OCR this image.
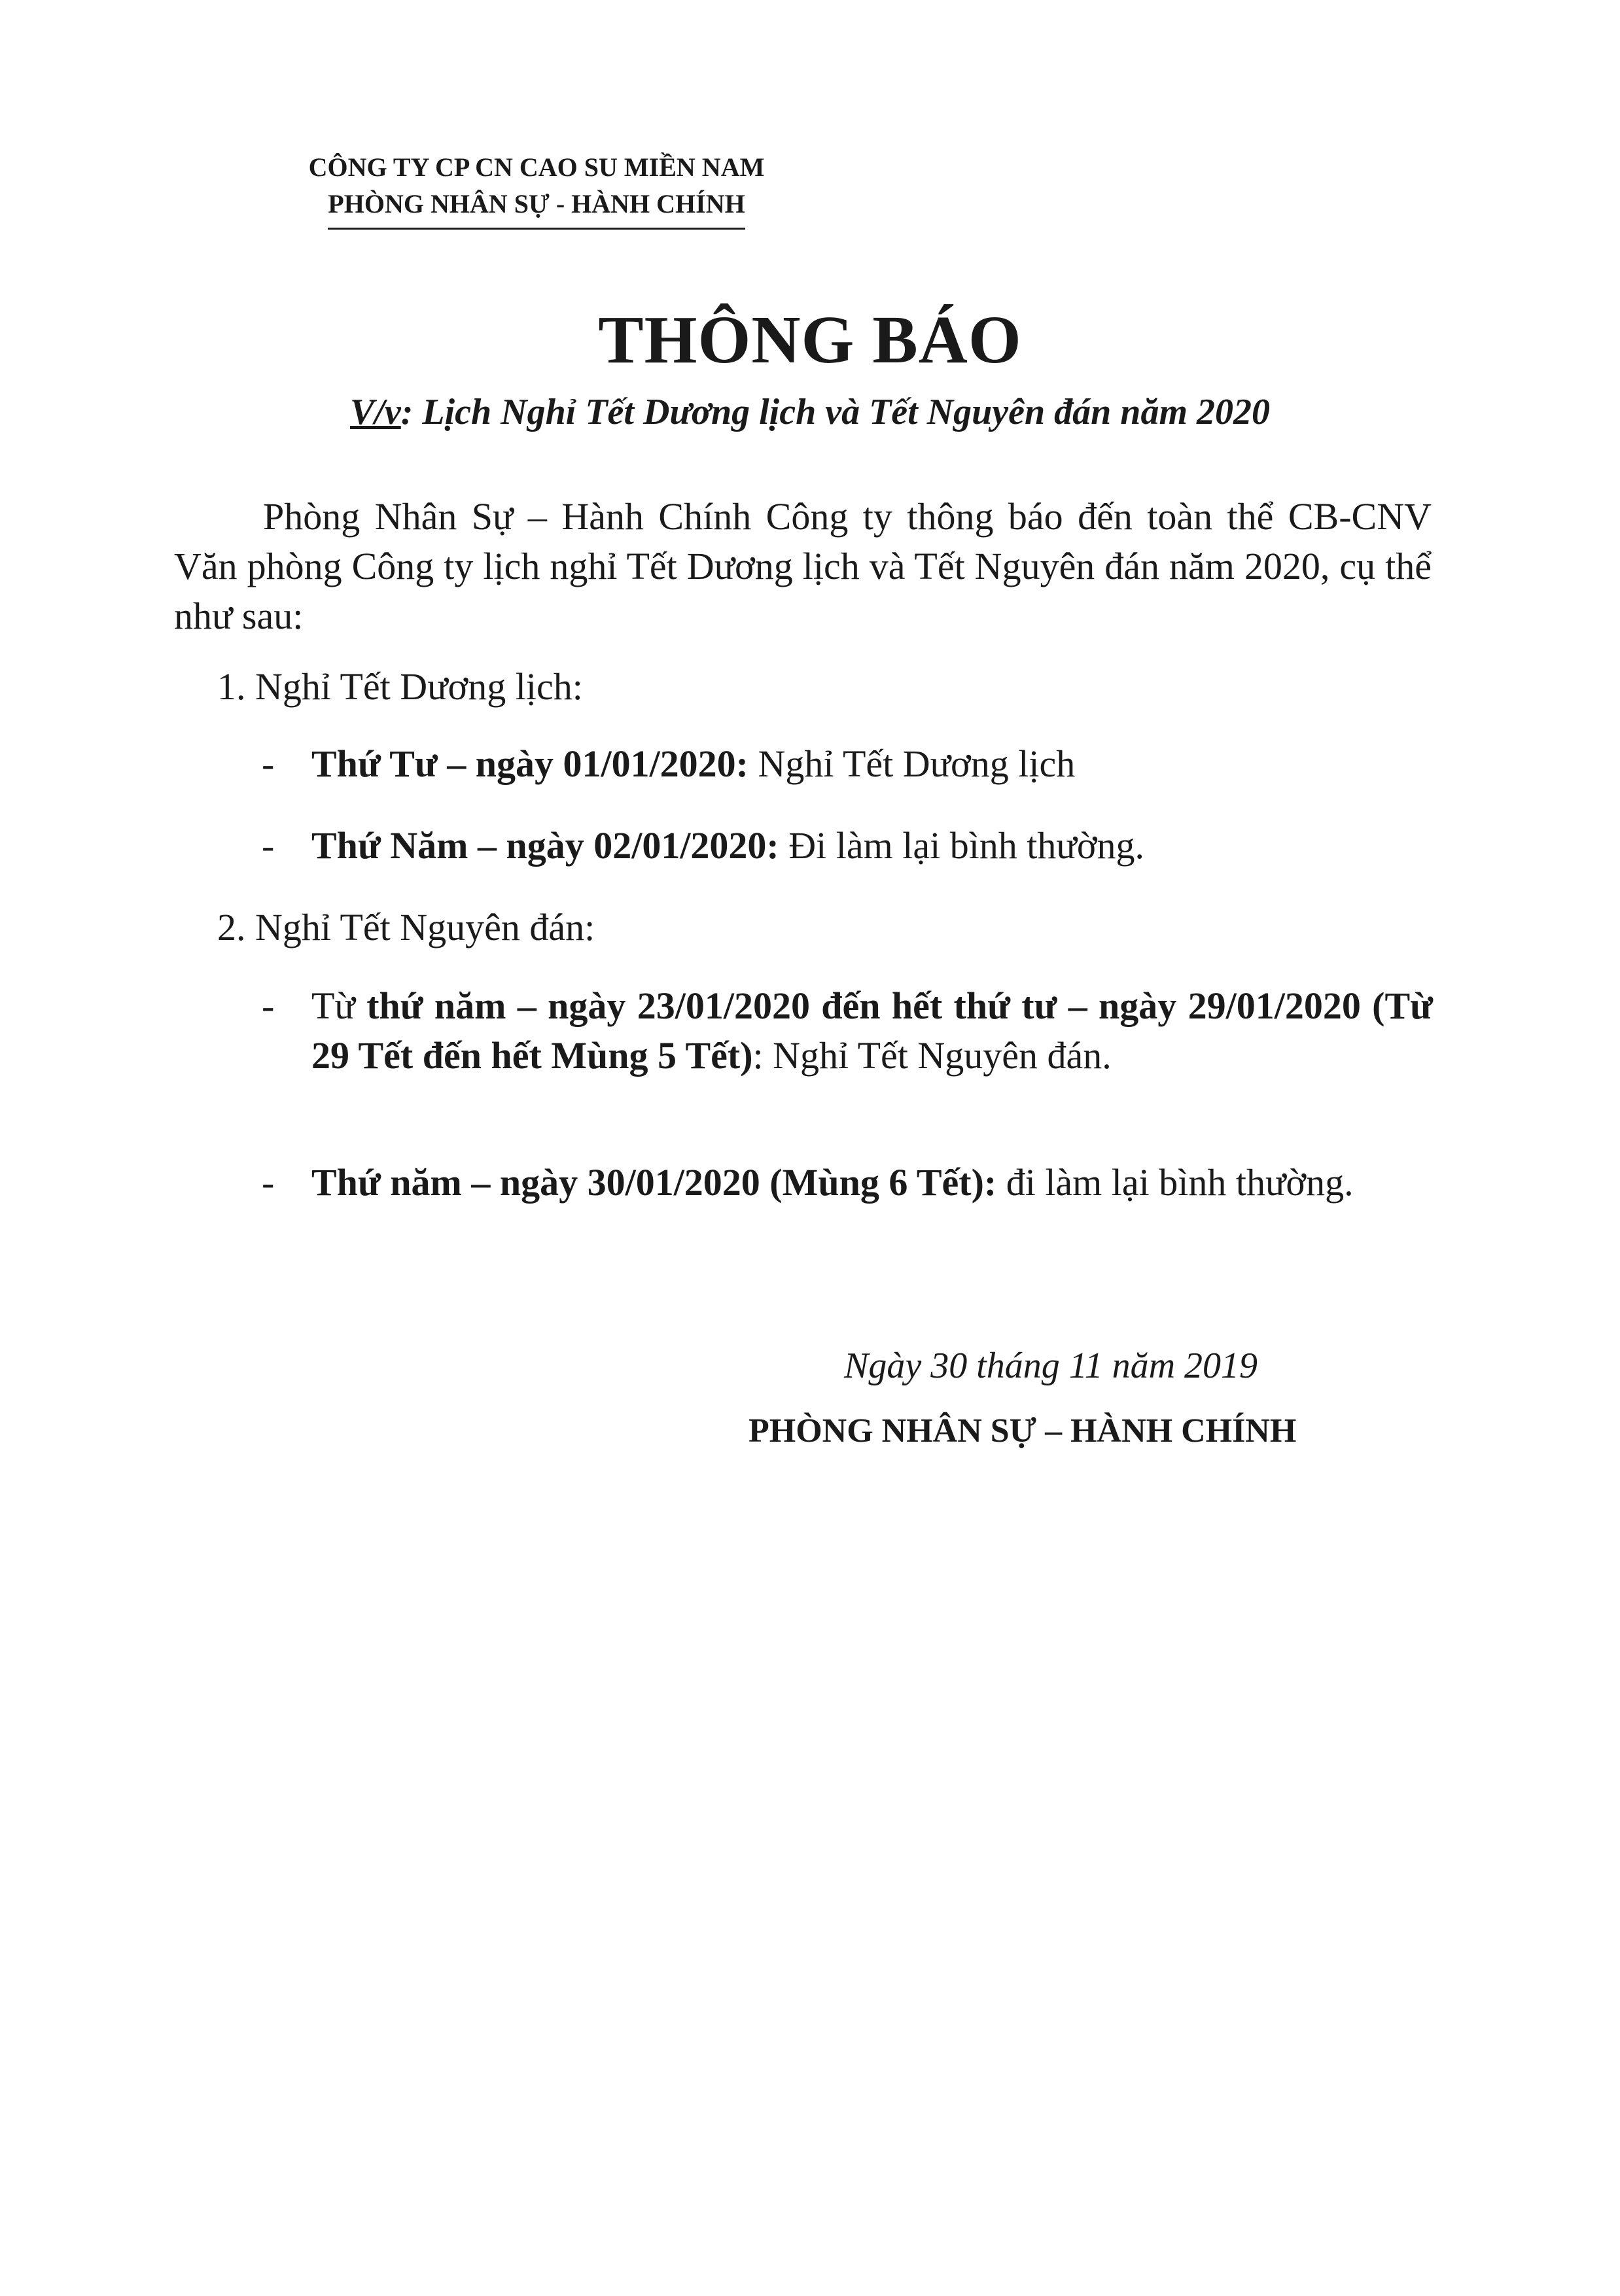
CÔNG TY CP CN CAO SU MIỀN NAM
PHÒNG NHÂN SỰ - HÀNH CHÍNH
THÔNG BÁO
V/v: Lịch Nghỉ Tết Dương lịch và Tết Nguyên đán năm 2020

Phòng Nhân Sự – Hành Chính Công ty thông báo đến toàn thể CB-CNV Văn phòng Công ty lịch nghỉ Tết Dương lịch và Tết Nguyên đán năm 2020, cụ thể như sau:

1. Nghỉ Tết Dương lịch:
- Thứ Tư – ngày 01/01/2020: Nghỉ Tết Dương lịch
- Thứ Năm – ngày 02/01/2020: Đi làm lại bình thường.
2. Nghỉ Tết Nguyên đán:
- Từ thứ năm – ngày 23/01/2020 đến hết thứ tư – ngày 29/01/2020 (Từ 29 Tết đến hết Mùng 5 Tết): Nghỉ Tết Nguyên đán.
- Thứ năm – ngày 30/01/2020 (Mùng 6 Tết): đi làm lại bình thường.
Ngày 30 tháng 11 năm 2019
PHÒNG NHÂN SỰ – HÀNH CHÍNH
